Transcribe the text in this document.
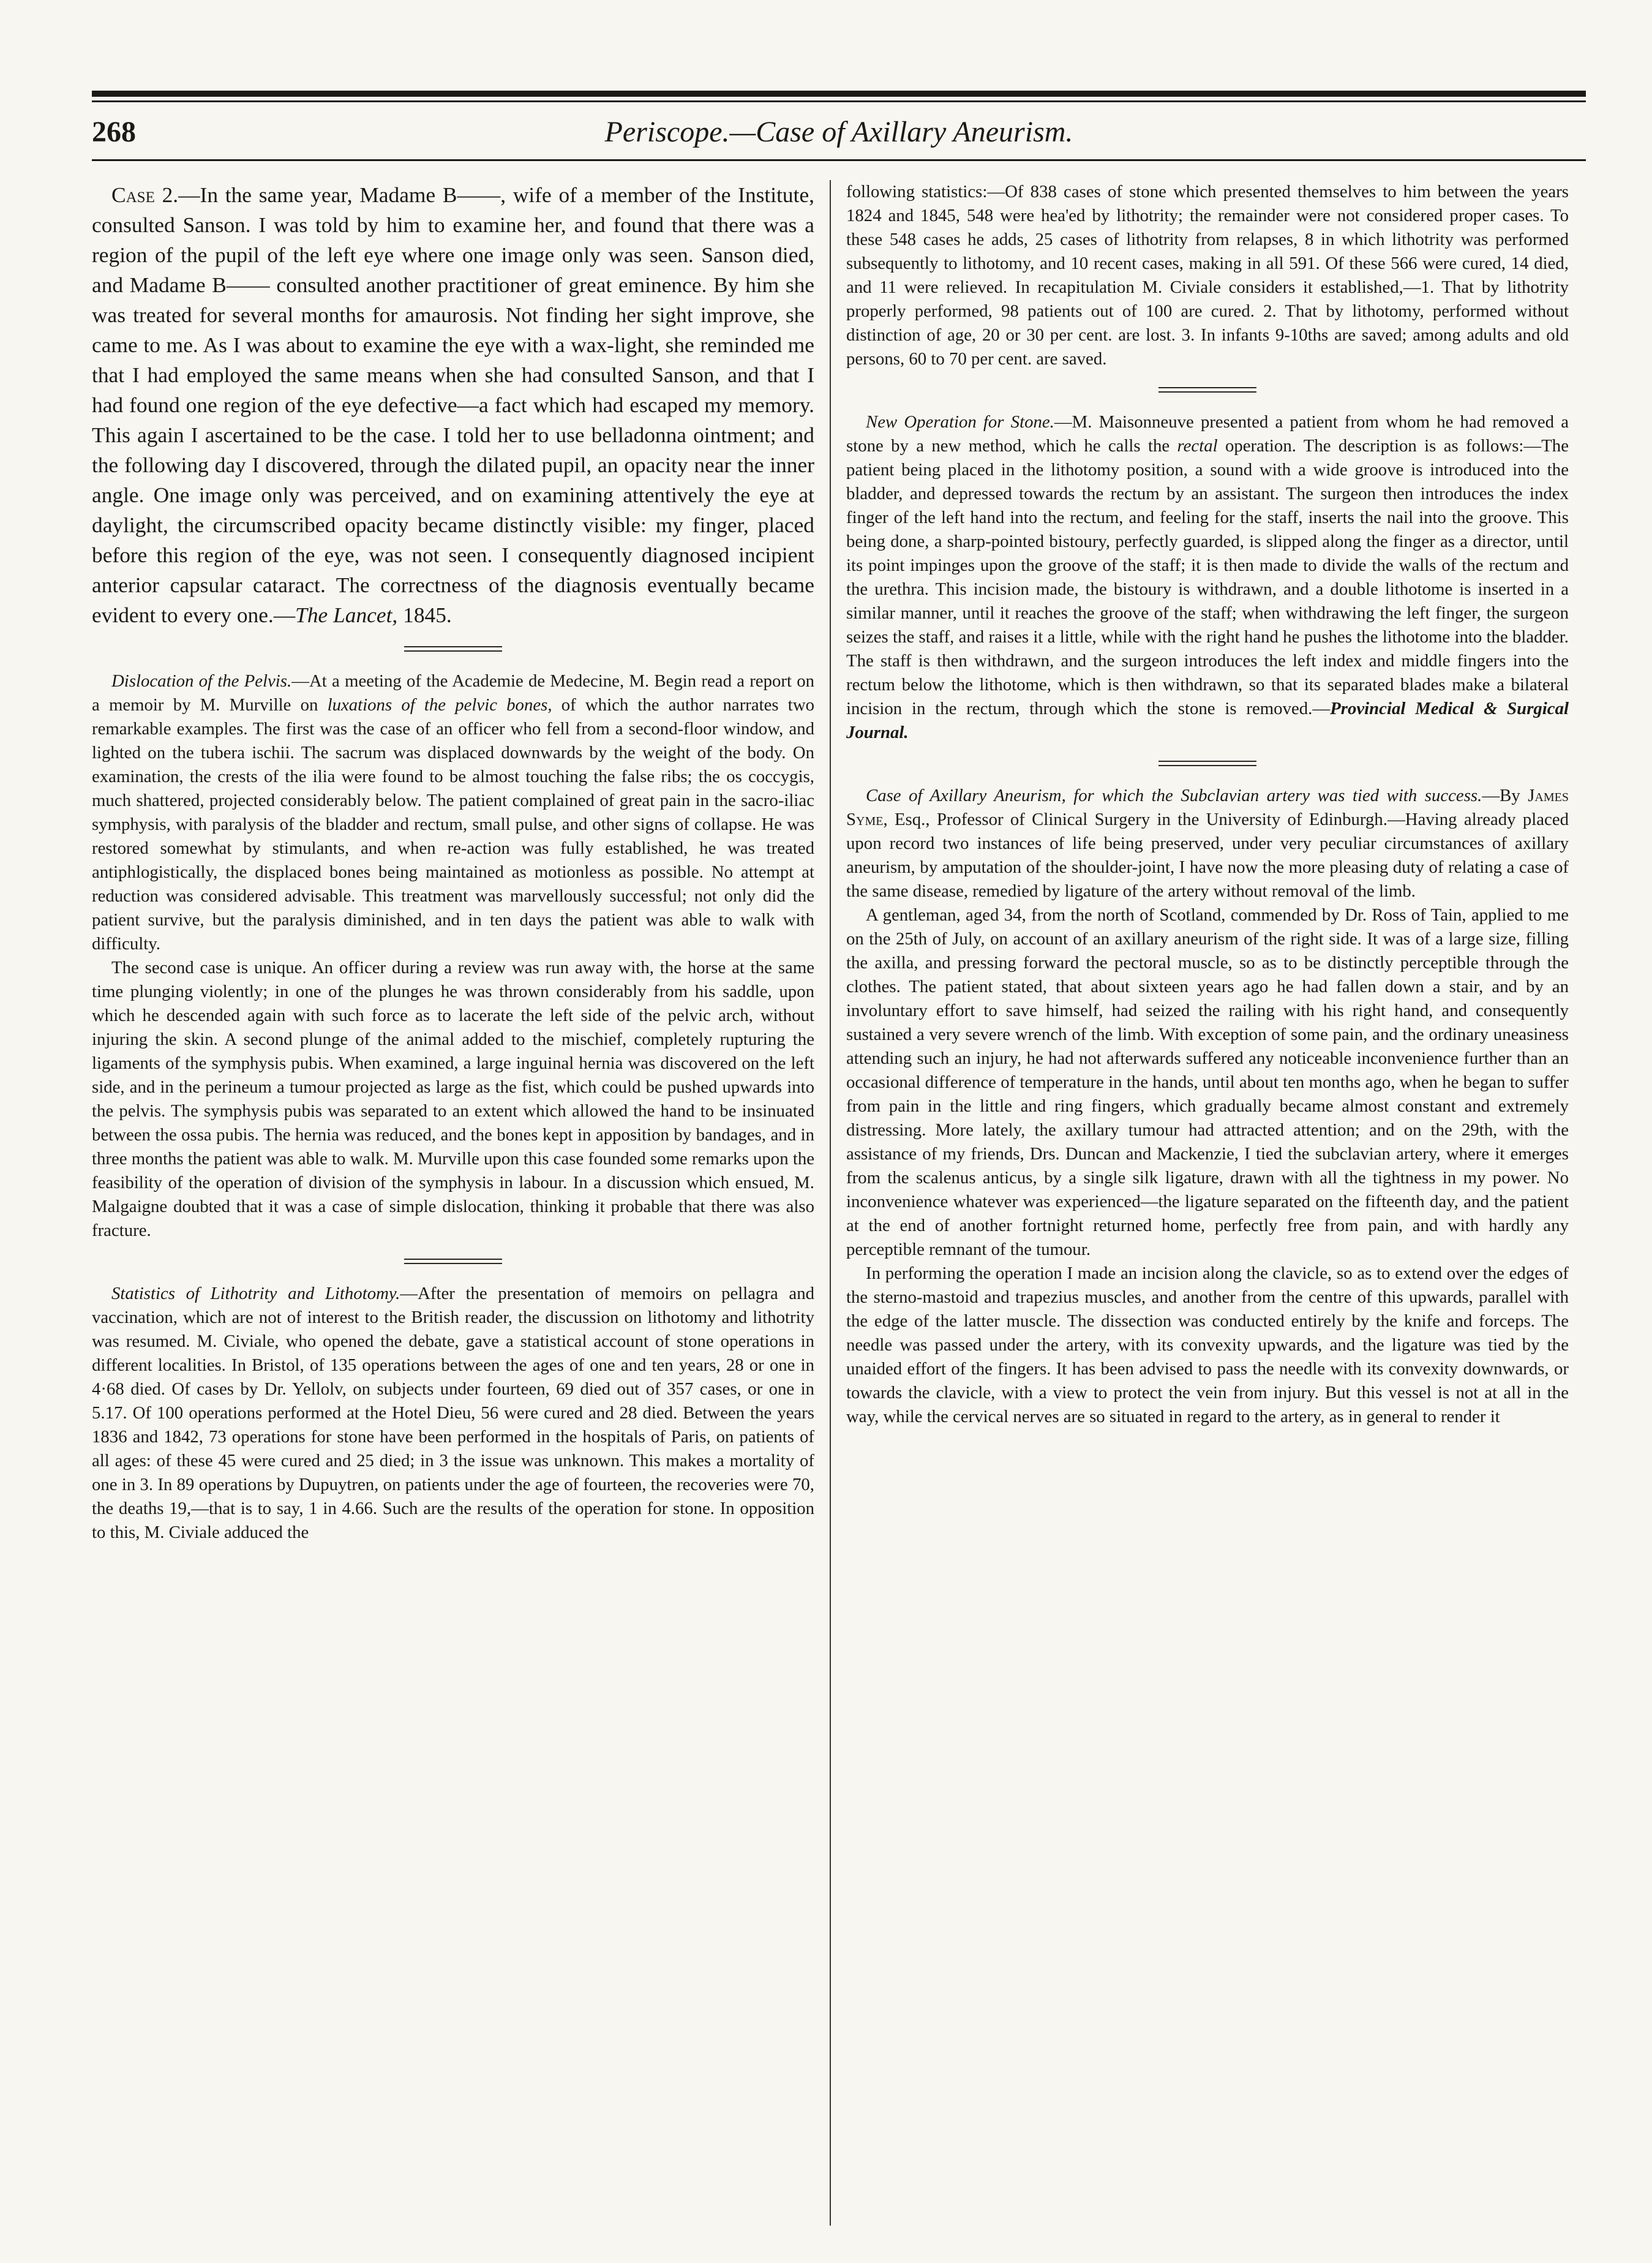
268	Periscope.—Case of Axillary Aneurism.

Case 2.—In the same year, Madame B——, wife of a member of the Institute, consulted Sanson. I was told by him to examine her, and found that there was a region of the pupil of the left eye where one image only was seen. Sanson died, and Madame B—— consulted another practitioner of great eminence. By him she was treated for several months for amaurosis. Not finding her sight improve, she came to me. As I was about to examine the eye with a wax-light, she reminded me that I had employed the same means when she had consulted Sanson, and that I had found one region of the eye defective—a fact which had escaped my memory. This again I ascertained to be the case. I told her to use belladonna ointment; and the following day I discovered, through the dilated pupil, an opacity near the inner angle. One image only was perceived, and on examining attentively the eye at daylight, the circumscribed opacity became distinctly visible: my finger, placed before this region of the eye, was not seen. I consequently diagnosed incipient anterior capsular cataract. The correctness of the diagnosis eventually became evident to every one.—The Lancet, 1845.

Dislocation of the Pelvis.—At a meeting of the Academie de Medecine, M. Begin read a report on a memoir by M. Murville on luxations of the pelvic bones, of which the author narrates two remarkable examples. The first was the case of an officer who fell from a second-floor window, and lighted on the tubera ischii. The sacrum was displaced downwards by the weight of the body. On examination, the crests of the ilia were found to be almost touching the false ribs; the os coccygis, much shattered, projected considerably below. The patient complained of great pain in the sacro-iliac symphysis, with paralysis of the bladder and rectum, small pulse, and other signs of collapse. He was restored somewhat by stimulants, and when re-action was fully established, he was treated antiphlogistically, the displaced bones being maintained as motionless as possible. No attempt at reduction was considered advisable. This treatment was marvellously successful; not only did the patient survive, but the paralysis diminished, and in ten days the patient was able to walk with difficulty.

The second case is unique. An officer during a review was run away with, the horse at the same time plunging violently; in one of the plunges he was thrown considerably from his saddle, upon which he descended again with such force as to lacerate the left side of the pelvic arch, without injuring the skin. A second plunge of the animal added to the mischief, completely rupturing the ligaments of the symphysis pubis. When examined, a large inguinal hernia was discovered on the left side, and in the perineum a tumour projected as large as the fist, which could be pushed upwards into the pelvis. The symphysis pubis was separated to an extent which allowed the hand to be insinuated between the ossa pubis. The hernia was reduced, and the bones kept in apposition by bandages, and in three months the patient was able to walk. M. Murville upon this case founded some remarks upon the feasibility of the operation of division of the symphysis in labour. In a discussion which ensued, M. Malgaigne doubted that it was a case of simple dislocation, thinking it probable that there was also fracture.

Statistics of Lithotrity and Lithotomy.—After the presentation of memoirs on pellagra and vaccination, which are not of interest to the British reader, the discussion on lithotomy and lithotrity was resumed. M. Civiale, who opened the debate, gave a statistical account of stone operations in different localities. In Bristol, of 135 operations between the ages of one and ten years, 28 or one in 4·68 died. Of cases by Dr. Yellolv, on subjects under fourteen, 69 died out of 357 cases, or one in 5.17. Of 100 operations performed at the Hotel Dieu, 56 were cured and 28 died. Between the years 1836 and 1842, 73 operations for stone have been performed in the hospitals of Paris, on patients of all ages: of these 45 were cured and 25 died; in 3 the issue was unknown. This makes a mortality of one in 3. In 89 operations by Dupuytren, on patients under the age of fourteen, the recoveries were 70, the deaths 19,—that is to say, 1 in 4.66. Such are the results of the operation for stone. In opposition to this, M. Civiale adduced the

following statistics:—Of 838 cases of stone which presented themselves to him between the years 1824 and 1845, 548 were hea'ed by lithotrity; the remainder were not considered proper cases. To these 548 cases he adds, 25 cases of lithotrity from relapses, 8 in which lithotrity was performed subsequently to lithotomy, and 10 recent cases, making in all 591. Of these 566 were cured, 14 died, and 11 were relieved. In recapitulation M. Civiale considers it established,—1. That by lithotrity properly performed, 98 patients out of 100 are cured. 2. That by lithotomy, performed without distinction of age, 20 or 30 per cent. are lost. 3. In infants 9-10ths are saved; among adults and old persons, 60 to 70 per cent. are saved.

New Operation for Stone.—M. Maisonneuve presented a patient from whom he had removed a stone by a new method, which he calls the rectal operation. The description is as follows:—The patient being placed in the lithotomy position, a sound with a wide groove is introduced into the bladder, and depressed towards the rectum by an assistant. The surgeon then introduces the index finger of the left hand into the rectum, and feeling for the staff, inserts the nail into the groove. This being done, a sharp-pointed bistoury, perfectly guarded, is slipped along the finger as a director, until its point impinges upon the groove of the staff; it is then made to divide the walls of the rectum and the urethra. This incision made, the bistoury is withdrawn, and a double lithotome is inserted in a similar manner, until it reaches the groove of the staff; when withdrawing the left finger, the surgeon seizes the staff, and raises it a little, while with the right hand he pushes the lithotome into the bladder. The staff is then withdrawn, and the surgeon introduces the left index and middle fingers into the rectum below the lithotome, which is then withdrawn, so that its separated blades make a bilateral incision in the rectum, through which the stone is removed.—Provincial Medical & Surgical Journal.

Case of Axillary Aneurism, for which the Subclavian artery was tied with success.—By James Syme, Esq., Professor of Clinical Surgery in the University of Edinburgh.—Having already placed upon record two instances of life being preserved, under very peculiar circumstances of axillary aneurism, by amputation of the shoulder-joint, I have now the more pleasing duty of relating a case of the same disease, remedied by ligature of the artery without removal of the limb.

A gentleman, aged 34, from the north of Scotland, commended by Dr. Ross of Tain, applied to me on the 25th of July, on account of an axillary aneurism of the right side. It was of a large size, filling the axilla, and pressing forward the pectoral muscle, so as to be distinctly perceptible through the clothes. The patient stated, that about sixteen years ago he had fallen down a stair, and by an involuntary effort to save himself, had seized the railing with his right hand, and consequently sustained a very severe wrench of the limb. With exception of some pain, and the ordinary uneasiness attending such an injury, he had not afterwards suffered any noticeable inconvenience further than an occasional difference of temperature in the hands, until about ten months ago, when he began to suffer from pain in the little and ring fingers, which gradually became almost constant and extremely distressing. More lately, the axillary tumour had attracted attention; and on the 29th, with the assistance of my friends, Drs. Duncan and Mackenzie, I tied the subclavian artery, where it emerges from the scalenus anticus, by a single silk ligature, drawn with all the tightness in my power. No inconvenience whatever was experienced—the ligature separated on the fifteenth day, and the patient at the end of another fortnight returned home, perfectly free from pain, and with hardly any perceptible remnant of the tumour.

In performing the operation I made an incision along the clavicle, so as to extend over the edges of the sterno-mastoid and trapezius muscles, and another from the centre of this upwards, parallel with the edge of the latter muscle. The dissection was conducted entirely by the knife and forceps. The needle was passed under the artery, with its convexity upwards, and the ligature was tied by the unaided effort of the fingers. It has been advised to pass the needle with its convexity downwards, or towards the clavicle, with a view to protect the vein from injury. But this vessel is not at all in the way, while the cervical nerves are so situated in regard to the artery, as in general to render it
